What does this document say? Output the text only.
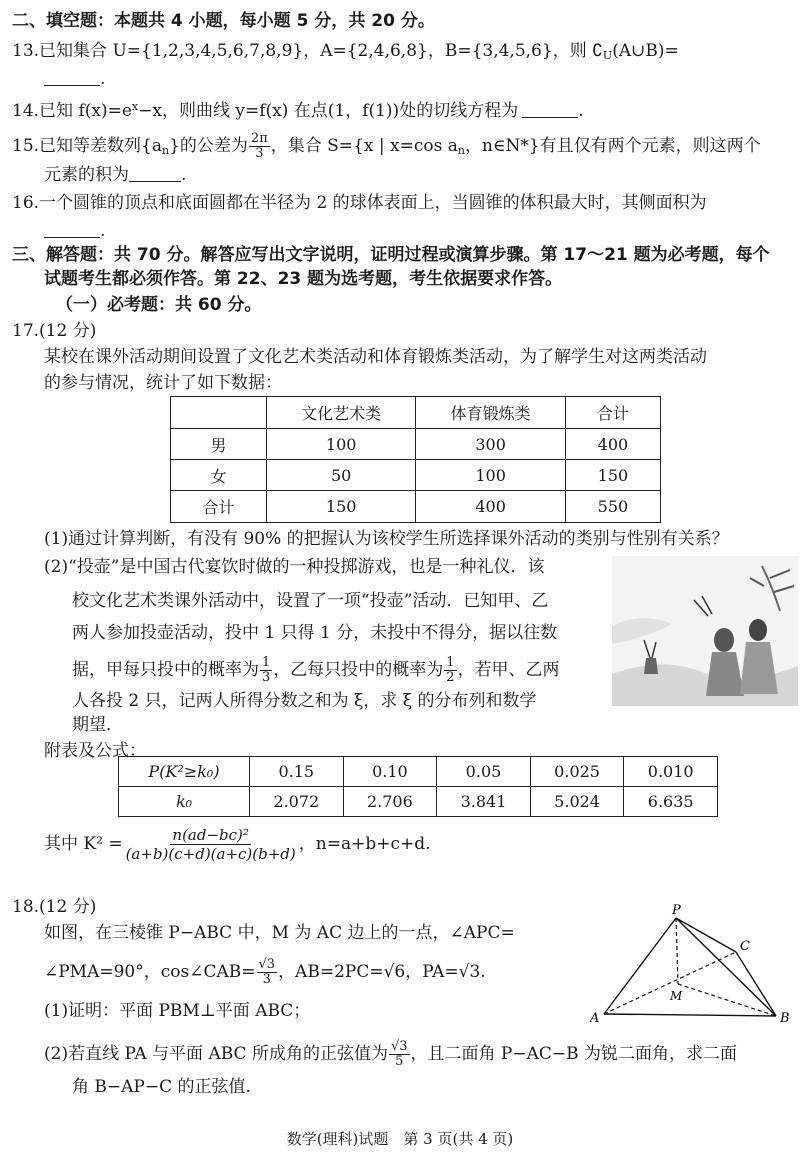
二、填空题：本题共 4 小题，每小题 5 分，共 20 分。
13.已知集合 U={1,2,3,4,5,6,7,8,9}，A={2,4,6,8}，B={3,4,5,6}，则 $∁_U(A\cup B)=$
.
14.已知 $f(x)=e^x-x$，则曲线 y=f(x) 在点(1，f(1))处的切线方程为	.
15.已知等差数列$\{a_n\}$的公差为 $\frac{2\pi}{3}$ ，集合 S={x | x=cos $a_n$，n∈N*}有且仅有两个元素，则这两个
元素的积为	.
16.一个圆锥的顶点和底面圆都在半径为 2 的球体表面上，当圆锥的体积最大时，其侧面积为
.
三、解答题：共 70 分。解答应写出文字说明，证明过程或演算步骤。第 17～21 题为必考题，每个
试题考生都必须作答。第 22、23 题为选考题，考生依据要求作答。
（一）必考题：共 60 分。
17.(12 分)
某校在课外活动期间设置了文化艺术类活动和体育锻炼类活动，为了解学生对这两类活动
的参与情况，统计了如下数据：
	文化艺术类	体育锻炼类	合计
男	100	300	400
女	50	100	150
合计	150	400	550
(1)通过计算判断，有没有 90% 的把握认为该校学生所选择课外活动的类别与性别有关系？
(2)“投壶”是中国古代宴饮时做的一种投掷游戏，也是一种礼仪．该
校文化艺术类课外活动中，设置了一项“投壶”活动．已知甲、乙
两人参加投壶活动，投中 1 只得 1 分，未投中不得分，据以往数
据，甲每只投中的概率为 $\frac{1}{3}$ ，乙每只投中的概率为 $\frac{1}{2}$ ，若甲、乙两
人各投 2 只，记两人所得分数之和为 ξ，求 ξ 的分布列和数学
期望．
附表及公式：
P(K²≥k₀)	0.15	0.10	0.05	0.025	0.010
k₀	2.072	2.706	3.841	5.024	6.635
其中 $K^2 = \frac{\text{n(ad−bc)²}}{(a+b)(c+d)(a+c)(b+d)}$ ，n=a+b+c+d.
18.(12 分)
如图，在三棱锥 P−ABC 中，M 为 AC 边上的一点，∠APC=
∠PMA=90°，cos∠CAB= $\frac{√3}{3}$ ，AB=2PC=√6，PA=√3.
(1)证明：平面 PBM⊥平面 ABC；
(2)若直线 PA 与平面 ABC 所成角的正弦值为 $\frac{√3}{5}$ ，且二面角 P−AC−B 为锐二面角，求二面
角 B−AP−C 的正弦值.
P
A	B
C
M
数学(理科)试题　第 3 页(共 4 页)
